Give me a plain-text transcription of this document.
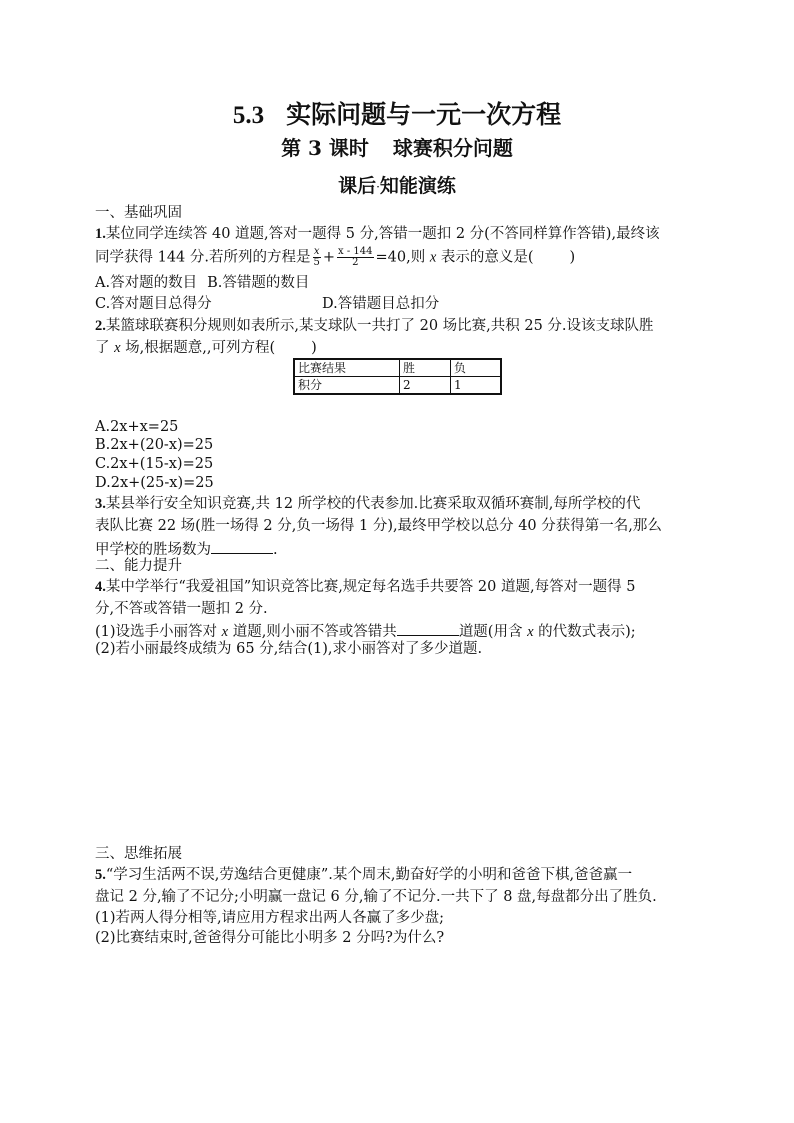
5.3 实际问题与一元一次方程
第 3 课时 球赛积分问题
课后·知能演练
一、基础巩固
1.某位同学连续答 40 道题,答对一题得 5 分,答错一题扣 2 分(不答同样算作答错),最终该
同学获得 144 分.若所列的方程是 $\frac{x}{5} + \frac{x - 144}{2} =40$,则 x 表示的意义是( )
A.答对题的数目 B.答错题的数目
C.答对题目总得分	D.答错题目总扣分
2.某篮球联赛积分规则如表所示,某支球队一共打了 20 场比赛,共积 25 分.设该支球队胜
了 x 场,根据题意,,可列方程( )
比赛结果	胜	负
积分	2	1
A.2x+x=25
B.2x+(20-x)=25
C.2x+(15-x)=25
D.2x+(25-x)=25
3.某县举行安全知识竞赛,共 12 所学校的代表参加.比赛采取双循环赛制,每所学校的代
表队比赛 22 场(胜一场得 2 分,负一场得 1 分),最终甲学校以总分 40 分获得第一名,那么
甲学校的胜场数为	.
二、能力提升
4.某中学举行“我爱祖国”知识竞答比赛,规定每名选手共要答 20 道题,每答对一题得 5
分,不答或答错一题扣 2 分.
(1)设选手小丽答对 x 道题,则小丽不答或答错共	道题(用含 x 的代数式表示);
(2)若小丽最终成绩为 65 分,结合(1),求小丽答对了多少道题.
三、思维拓展
5.“学习生活两不误,劳逸结合更健康”.某个周末,勤奋好学的小明和爸爸下棋,爸爸赢一
盘记 2 分,输了不记分;小明赢一盘记 6 分,输了不记分.一共下了 8 盘,每盘都分出了胜负.
(1)若两人得分相等,请应用方程求出两人各赢了多少盘;
(2)比赛结束时,爸爸得分可能比小明多 2 分吗?为什么?
